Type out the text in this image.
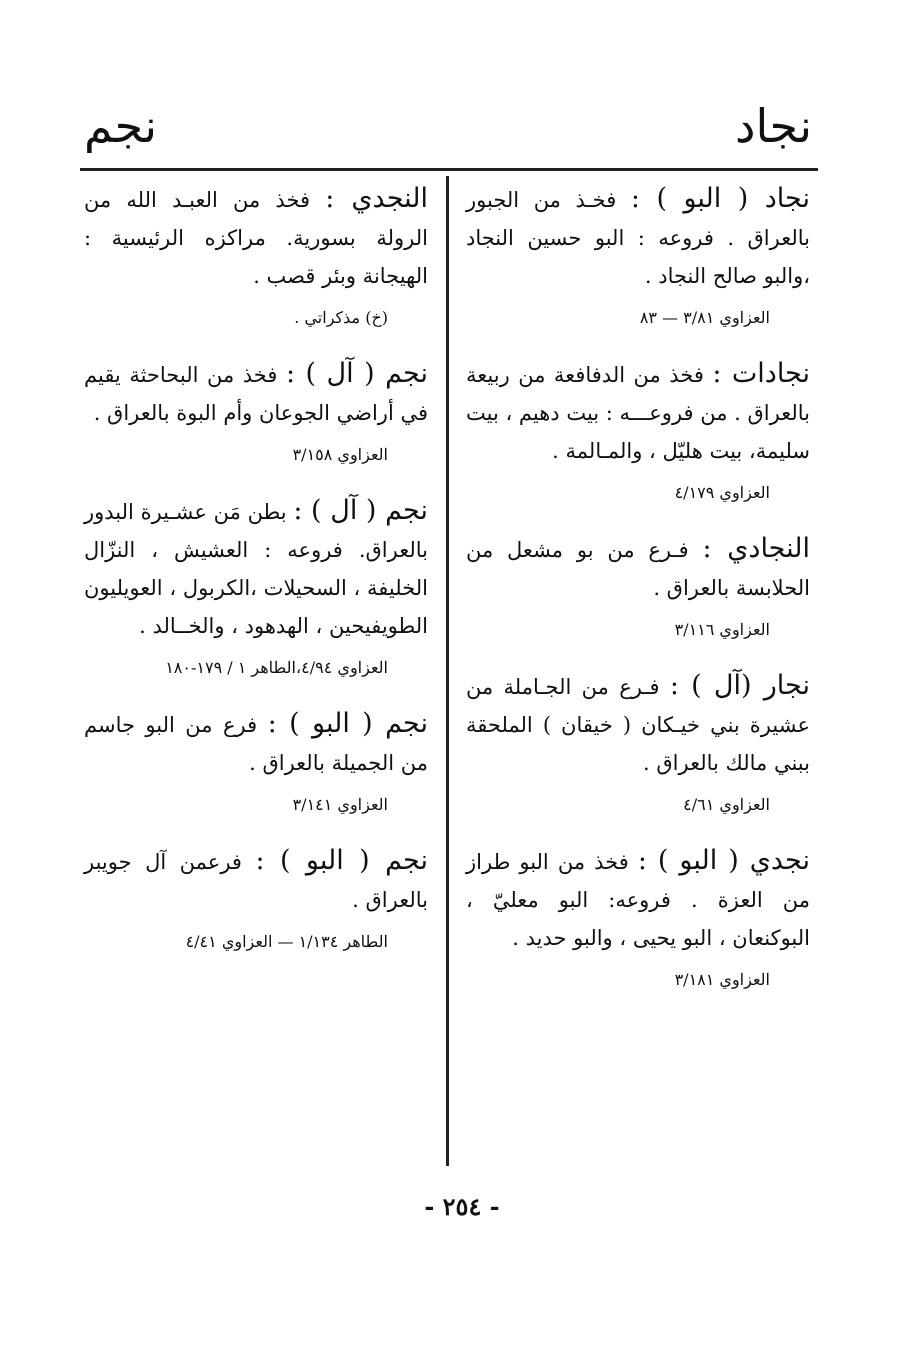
نجاد
نجم

نجاد ( البو ) : فخـذ من الجبور بالعراق . فروعه : البو حسين النجاد ،والبو صالح النجاد .

العزاوي ٣/٨١ — ٨٣

نجادات : فخذ من الدفافعة من ربيعة بالعراق . من فروعـــه : بيت دهيم ، بيت سليمة، بيت هليّل ، والمـالمة .

العزاوي ٤/١٧٩

النجادي : فـرع من بو مشعل من الحلابسة بالعراق .

العزاوي ٣/١١٦

نجار (آل ) : فـرع من الجـاملة من عشيرة بني خيـكان ( خيقان ) الملحقة ببني مالك بالعراق .

العزاوي ٤/٦١

نجدي ( البو ) : فخذ من البو طراز من العزة . فروعه: البو معليّ ، البوكنعان ، البو يحيى ، والبو حديد .

العزاوي ٣/١٨١

النجدي : فخذ من العبـد الله من الرولة بسورية. مراكزه الرئيسية : الهيجانة وبئر قصب .

(خ) مذكراتي .

نجم ( آل ) : فخذ من البحاحثة يقيم في أراضي الجوعان وأم البوة بالعراق .

العزاوي ٣/١٥٨

نجم ( آل ) : بطن مَن عشـيرة البدور بالعراق. فروعه : العشيش ، النزّال الخليفة ، السحيلات ،الكربول ، العويليون الطويفيحين ، الهدهود ، والخــالد .

العزاوي ٤/٩٤،الطاهر ١ / ١٧٩-١٨٠

نجم ( البو ) : فرع من البو جاسم من الجميلة بالعراق .

العزاوي ٣/١٤١

نجم ( البو ) : فرعمن آل جويبر بالعراق .

الطاهر ١/١٣٤ — العزاوي ٤/٤١
- ٢٥٤ -
